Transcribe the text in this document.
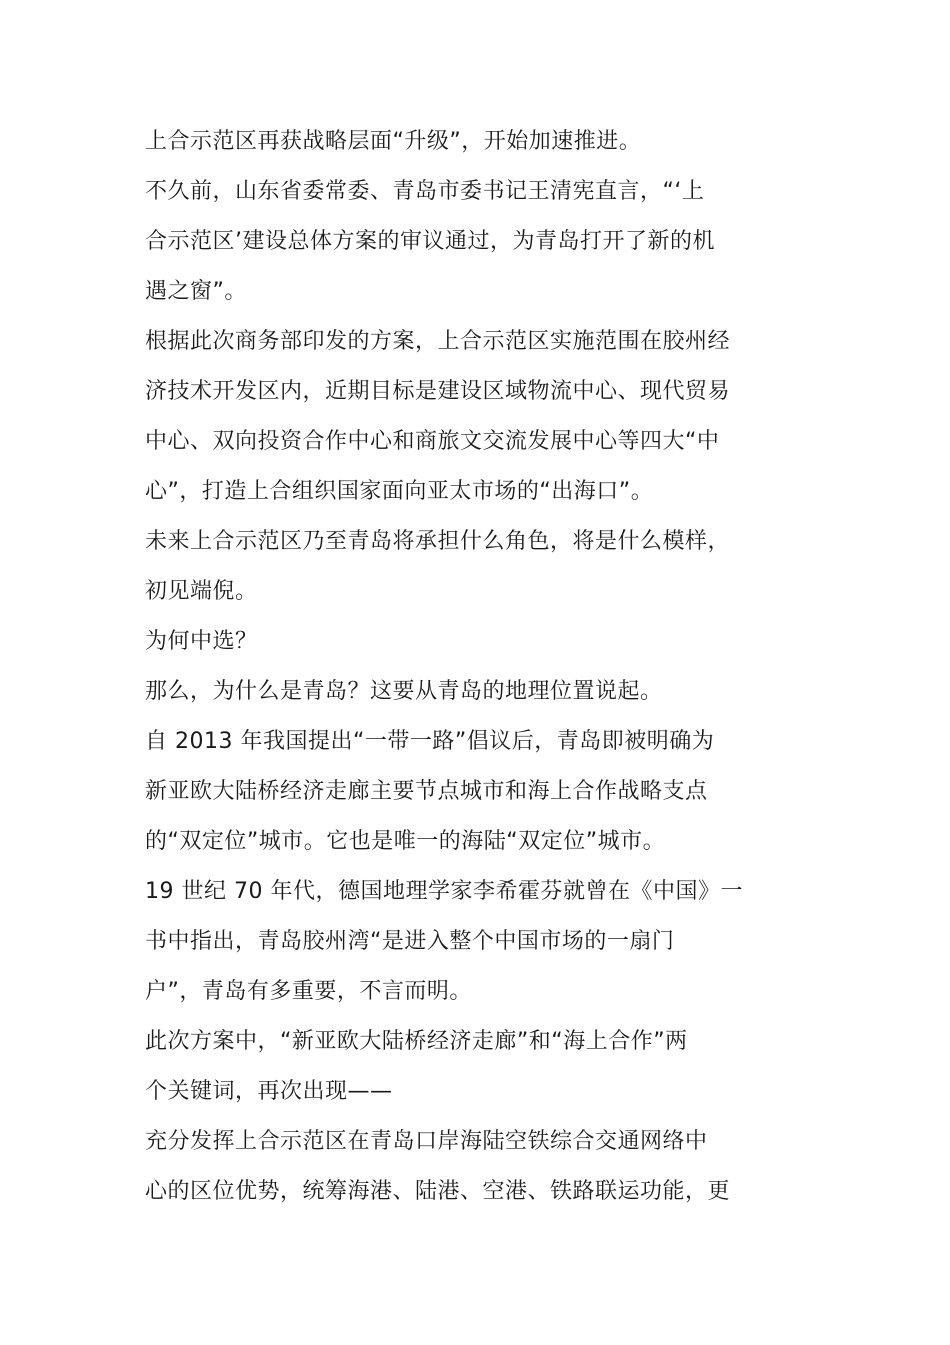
上合示范区再获战略层面“升级”，开始加速推进。

不久前，山东省委常委、青岛市委书记王清宪直言，“‘上

合示范区’建设总体方案的审议通过，为青岛打开了新的机

遇之窗”。

根据此次商务部印发的方案，上合示范区实施范围在胶州经

济技术开发区内，近期目标是建设区域物流中心、现代贸易

中心、双向投资合作中心和商旅文交流发展中心等四大“中

心”，打造上合组织国家面向亚太市场的“出海口”。

未来上合示范区乃至青岛将承担什么角色，将是什么模样，

初见端倪。

为何中选？

那么，为什么是青岛？这要从青岛的地理位置说起。

自 2013 年我国提出“一带一路”倡议后，青岛即被明确为

新亚欧大陆桥经济走廊主要节点城市和海上合作战略支点

的“双定位”城市。它也是唯一的海陆“双定位”城市。

19 世纪 70 年代，德国地理学家李希霍芬就曾在《中国》一

书中指出，青岛胶州湾“是进入整个中国市场的一扇门

户”，青岛有多重要，不言而明。

此次方案中，“新亚欧大陆桥经济走廊”和“海上合作”两

个关键词，再次出现——

充分发挥上合示范区在青岛口岸海陆空铁综合交通网络中

心的区位优势，统筹海港、陆港、空港、铁路联运功能，更
